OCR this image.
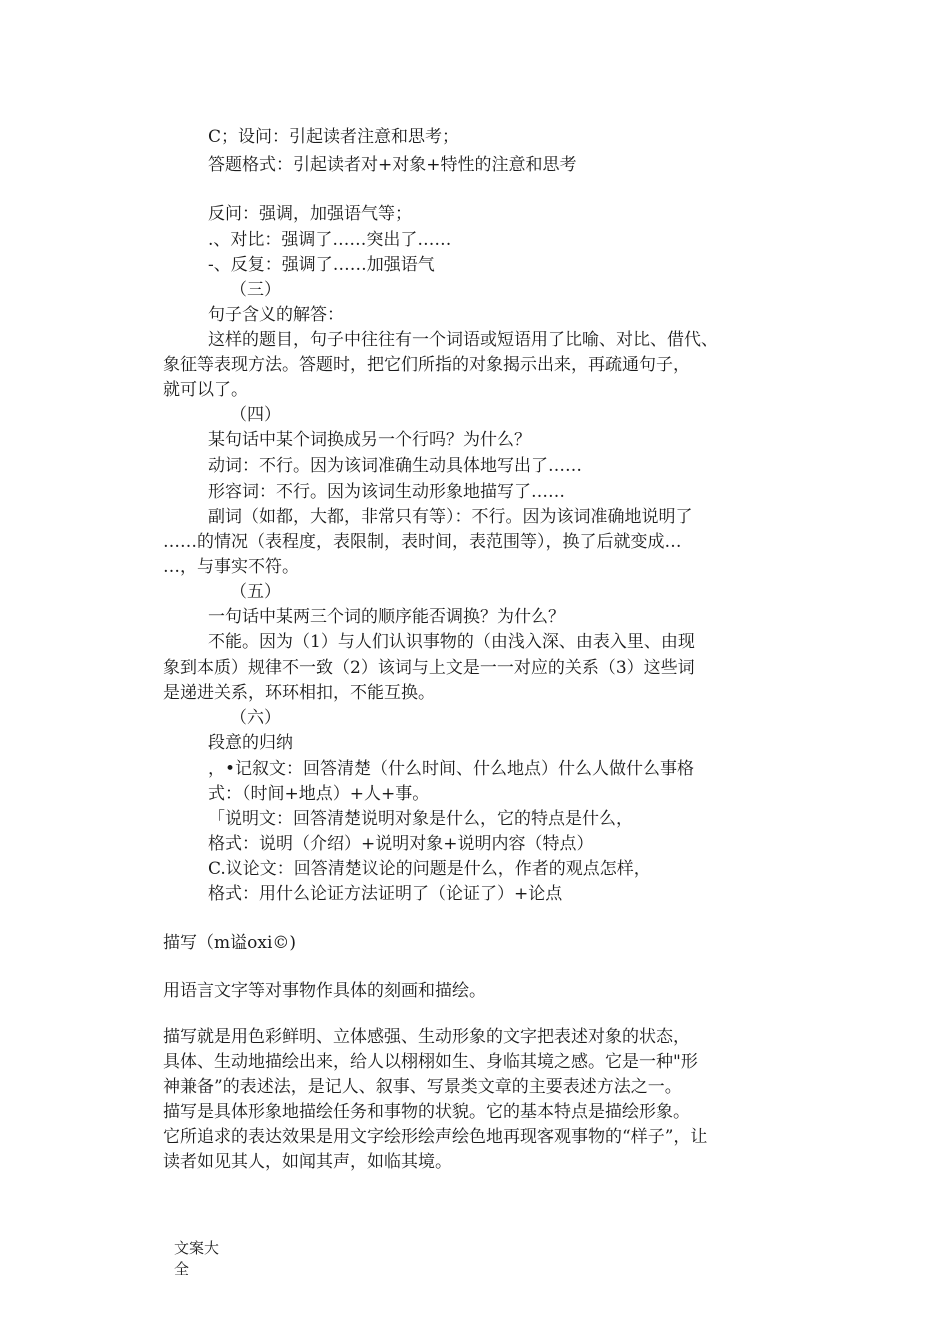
C；设问：引起读者注意和思考；
答题格式：引起读者对+对象+特性的注意和思考
反问：强调，加强语气等；
.、对比：强调了……突出了……
-、反复：强调了……加强语气
（三）
句子含义的解答：
这样的题目，句子中往往有一个词语或短语用了比喻、对比、借代、
象征等表现方法。答题时，把它们所指的对象揭示出来，再疏通句子，
就可以了。
（四）
某句话中某个词换成另一个行吗？为什么？
动词：不行。因为该词准确生动具体地写出了……
形容词：不行。因为该词生动形象地描写了……
副词（如都，大都，非常只有等）：不行。因为该词准确地说明了
……的情况（表程度，表限制，表时间，表范围等），换了后就变成…
…，与事实不符。
（五）
一句话中某两三个词的顺序能否调换？为什么？
不能。因为（1）与人们认识事物的（由浅入深、由表入里、由现
象到本质）规律不一致（2）该词与上文是一一对应的关系（3）这些词
是递进关系，环环相扣，不能互换。
（六）
段意的归纳
，•记叙文：回答清楚（什么时间、什么地点）什么人做什么事格
式：（时间+地点）+人+事。
「说明文：回答清楚说明对象是什么，它的特点是什么，
格式：说明（介绍）+说明对象+说明内容（特点）
C.议论文：回答清楚议论的问题是什么，作者的观点怎样，
格式：用什么论证方法证明了（论证了）+论点
描写（m谥oxi©)
用语言文字等对事物作具体的刻画和描绘。
描写就是用色彩鲜明、立体感强、生动形象的文字把表述对象的状态，
具体、生动地描绘出来，给人以栩栩如生、身临其境之感。它是一种"形
神兼备”的表述法，是记人、叙事、写景类文章的主要表述方法之一。
描写是具体形象地描绘任务和事物的状貌。它的基本特点是描绘形象。
它所追求的表达效果是用文字绘形绘声绘色地再现客观事物的“样子”，让
读者如见其人，如闻其声，如临其境。
文案大
全
